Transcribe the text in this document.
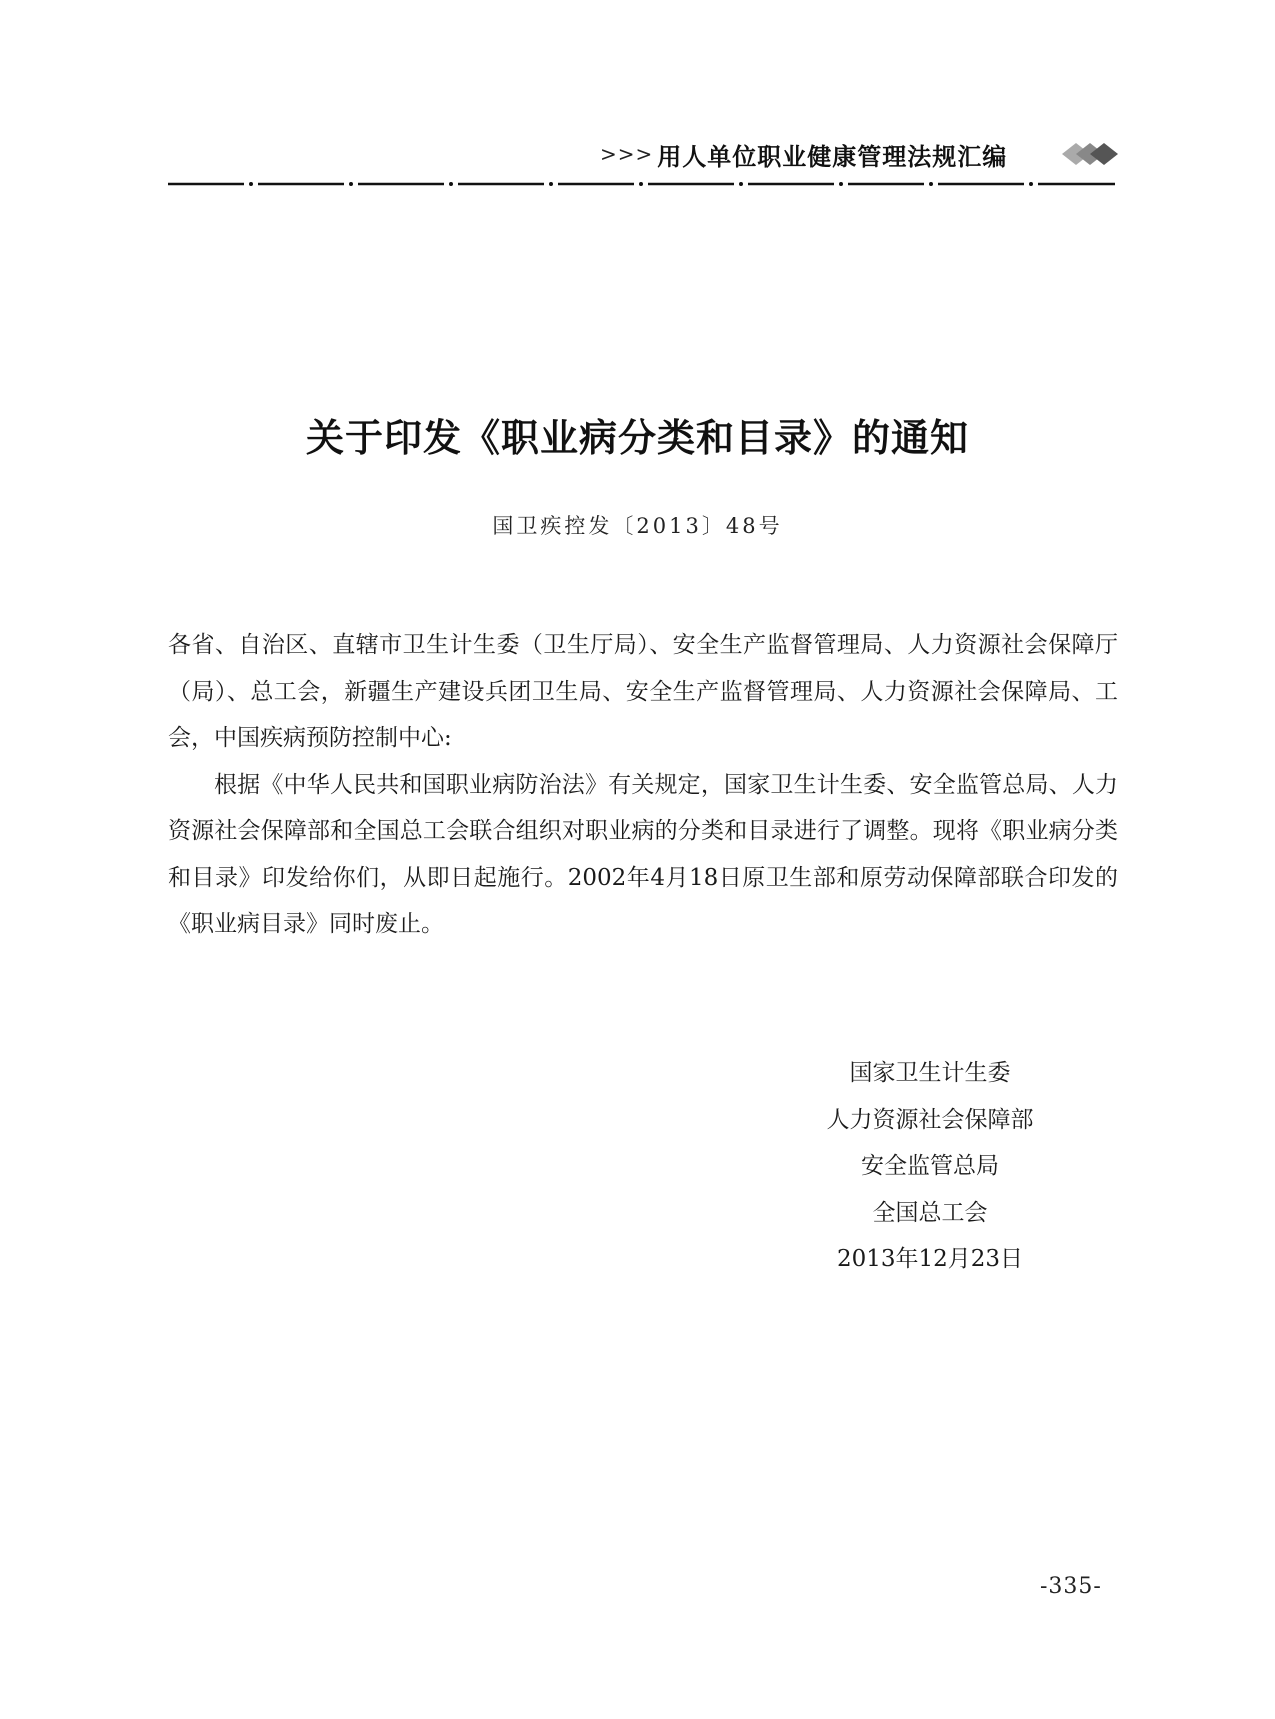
>>> 用人单位职业健康管理法规汇编
关于印发《职业病分类和目录》的通知
国卫疾控发〔2013〕48号

各省、自治区、直辖市卫生计生委（卫生厅局）、安全生产监督管理局、人力资源社会保障厅（局）、总工会，新疆生产建设兵团卫生局、安全生产监督管理局、人力资源社会保障局、工会，中国疾病预防控制中心:

根据《中华人民共和国职业病防治法》有关规定，国家卫生计生委、安全监管总局、人力资源社会保障部和全国总工会联合组织对职业病的分类和目录进行了调整。现将《职业病分类和目录》印发给你们，从即日起施行。2002年4月18日原卫生部和原劳动保障部联合印发的《职业病目录》同时废止。

国家卫生计生委
人力资源社会保障部
安全监管总局
全国总工会
2013年12月23日
-335-
